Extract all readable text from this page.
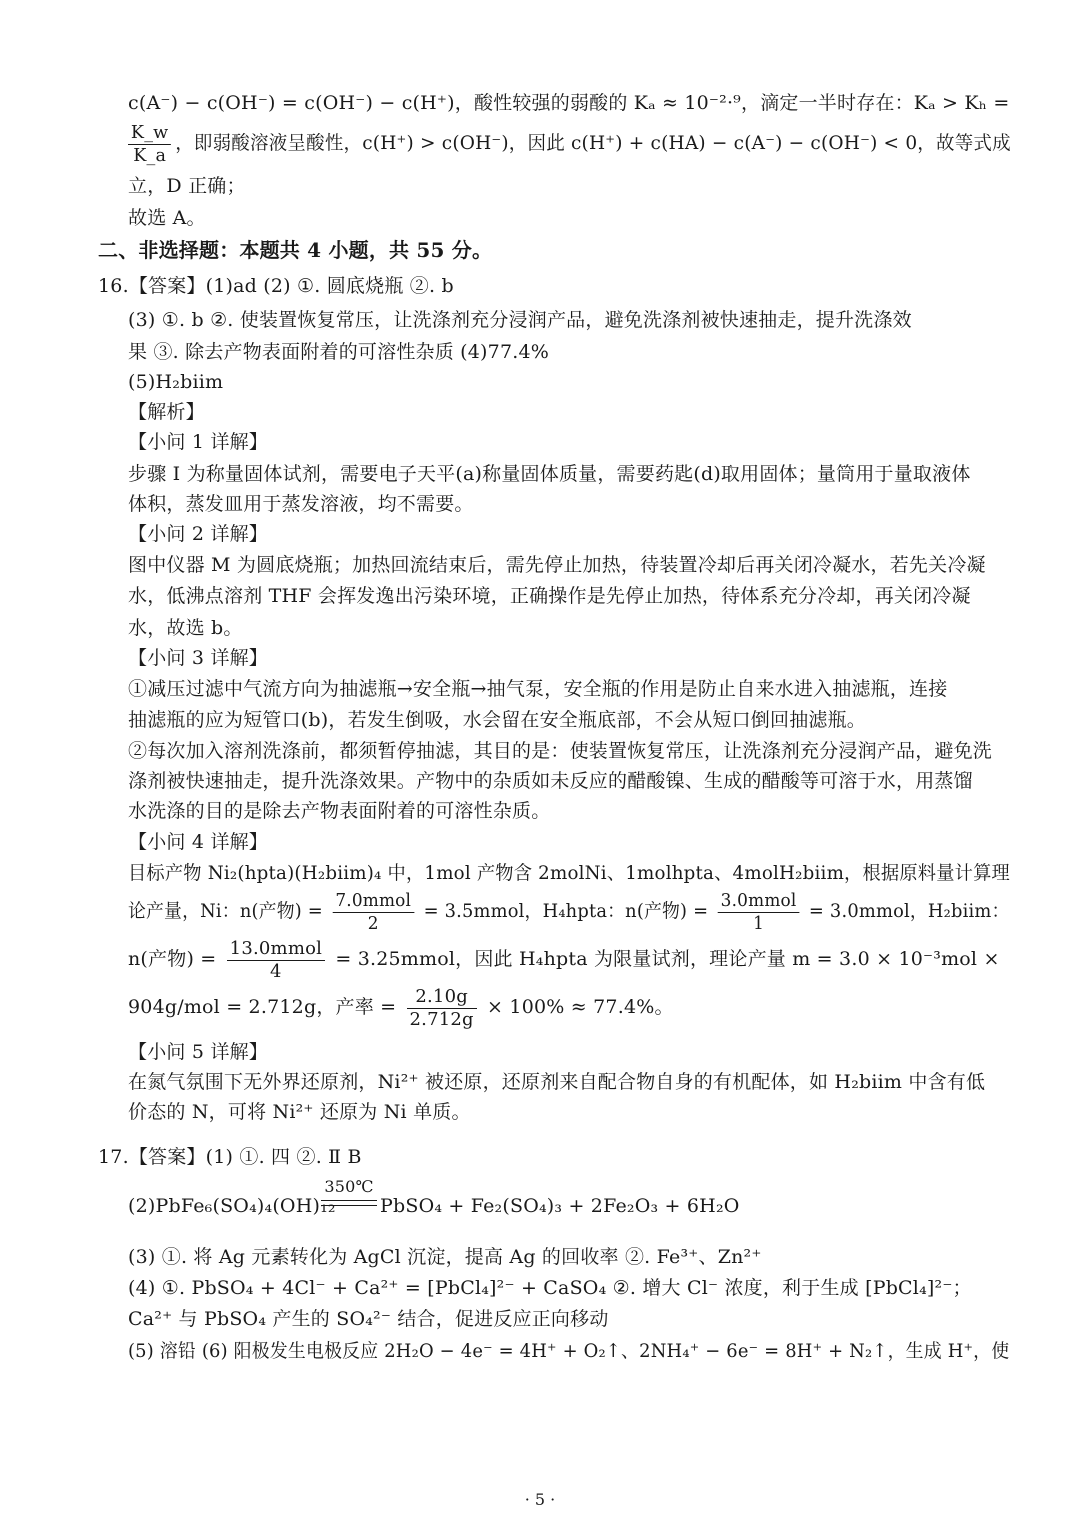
c(A⁻) − c(OH⁻) = c(OH⁻) − c(H⁺)，酸性较强的弱酸的 Kₐ ≈ 10⁻²·⁹，滴定一半时存在：Kₐ > Kₕ =
$\frac{K\_w}{K\_a}$ ，即弱酸溶液呈酸性，c(H⁺) > c(OH⁻)，因此 c(H⁺) + c(HA) − c(A⁻) − c(OH⁻) < 0，故等式成
立，D 正确；
故选 A。
二、非选择题：本题共 4 小题，共 55 分。
16.【答案】(1)ad (2) ①. 圆底烧瓶 ②. b
(3) ①. b ②. 使装置恢复常压，让洗涤剂充分浸润产品，避免洗涤剂被快速抽走，提升洗涤效
果 ③. 除去产物表面附着的可溶性杂质 (4)77.4%
(5)H₂biim
【解析】
【小问 1 详解】
步骤 I 为称量固体试剂，需要电子天平(a)称量固体质量，需要药匙(d)取用固体；量筒用于量取液体
体积，蒸发皿用于蒸发溶液，均不需要。
【小问 2 详解】
图中仪器 M 为圆底烧瓶；加热回流结束后，需先停止加热，待装置冷却后再关闭冷凝水，若先关冷凝
水，低沸点溶剂 THF 会挥发逸出污染环境，正确操作是先停止加热，待体系充分冷却，再关闭冷凝
水，故选 b。
【小问 3 详解】
①减压过滤中气流方向为抽滤瓶→安全瓶→抽气泵，安全瓶的作用是防止自来水进入抽滤瓶，连接
抽滤瓶的应为短管口(b)，若发生倒吸，水会留在安全瓶底部，不会从短口倒回抽滤瓶。
②每次加入溶剂洗涤前，都须暂停抽滤，其目的是：使装置恢复常压，让洗涤剂充分浸润产品，避免洗
涤剂被快速抽走，提升洗涤效果。产物中的杂质如未反应的醋酸镍、生成的醋酸等可溶于水，用蒸馏
水洗涤的目的是除去产物表面附着的可溶性杂质。
【小问 4 详解】
目标产物 Ni₂(hpta)(H₂biim)₄ 中，1mol 产物含 2molNi、1molhpta、4molH₂biim，根据原料量计算理
论产量，Ni：n(产物) = $\frac{\text{7.0mmol}}{2}$ = 3.5mmol，H₄hpta：n(产物) = $\frac{\text{3.0mmol}}{1}$ = 3.0mmol，H₂biim：
n(产物) = $\frac{\text{13.0mmol}}{4}$ = 3.25mmol，因此 H₄hpta 为限量试剂，理论产量 m = 3.0 × 10⁻³mol ×
904g/mol = 2.712g，产率 = $\frac{2.10g}{2.712g} \times 100\% \approx 77.4\%$。
【小问 5 详解】
在氮气氛围下无外界还原剂，Ni²⁺ 被还原，还原剂来自配合物自身的有机配体，如 H₂biim 中含有低
价态的 N，可将 Ni²⁺ 还原为 Ni 单质。
17.【答案】(1) ①. 四 ②. Ⅱ B
(2)PbFe₆(SO₄)₄(OH)₁₂
350℃
PbSO₄ + Fe₂(SO₄)₃ + 2Fe₂O₃ + 6H₂O
(3) ①. 将 Ag 元素转化为 AgCl 沉淀，提高 Ag 的回收率 ②. Fe³⁺、Zn²⁺
(4) ①. PbSO₄ + 4Cl⁻ + Ca²⁺ = [PbCl₄]²⁻ + CaSO₄ ②. 增大 Cl⁻ 浓度，利于生成 [PbCl₄]²⁻；
Ca²⁺ 与 PbSO₄ 产生的 SO₄²⁻ 结合，促进反应正向移动
(5) 溶铅 (6) 阳极发生电极反应 2H₂O − 4e⁻ = 4H⁺ + O₂↑、2NH₄⁺ − 6e⁻ = 8H⁺ + N₂↑，生成 H⁺，使
· 5 ·
